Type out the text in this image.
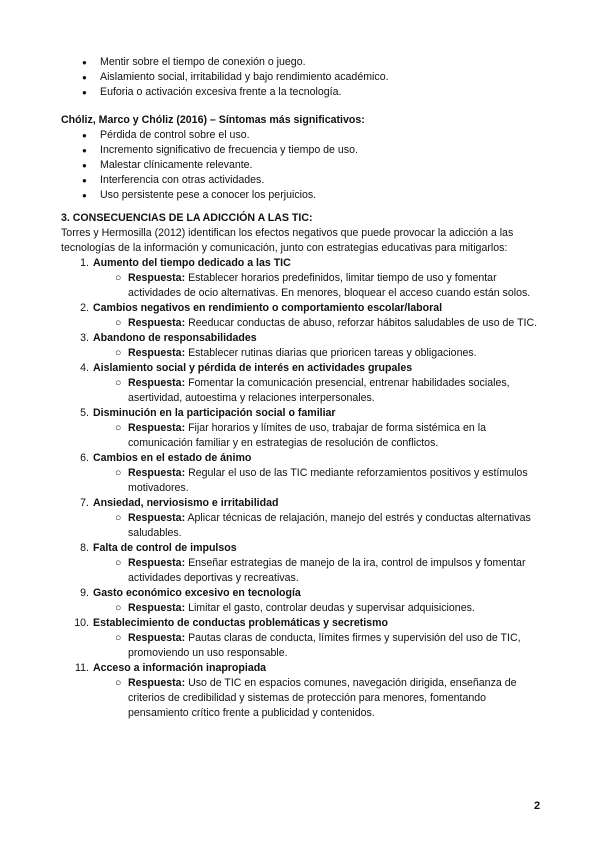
● Mentir sobre el tiempo de conexión o juego.
● Aislamiento social, irritabilidad y bajo rendimiento académico.
● Euforia o activación excesiva frente a la tecnología.
Chóliz, Marco y Chóliz (2016) – Síntomas más significativos:
● Pérdida de control sobre el uso.
● Incremento significativo de frecuencia y tiempo de uso.
● Malestar clínicamente relevante.
● Interferencia con otras actividades.
● Uso persistente pese a conocer los perjuicios.
3. CONSECUENCIAS DE LA ADICCIÓN A LAS TIC:
Torres y Hermosilla (2012) identifican los efectos negativos que puede provocar la adicción a las tecnologías de la información y comunicación, junto con estrategias educativas para mitigarlos:
1. Aumento del tiempo dedicado a las TIC
○ Respuesta: Establecer horarios predefinidos, limitar tiempo de uso y fomentar actividades de ocio alternativas. En menores, bloquear el acceso cuando están solos.
2. Cambios negativos en rendimiento o comportamiento escolar/laboral
○ Respuesta: Reeducar conductas de abuso, reforzar hábitos saludables de uso de TIC.
3. Abandono de responsabilidades
○ Respuesta: Establecer rutinas diarias que prioricen tareas y obligaciones.
4. Aislamiento social y pérdida de interés en actividades grupales
○ Respuesta: Fomentar la comunicación presencial, entrenar habilidades sociales, asertividad, autoestima y relaciones interpersonales.
5. Disminución en la participación social o familiar
○ Respuesta: Fijar horarios y límites de uso, trabajar de forma sistémica en la comunicación familiar y en estrategias de resolución de conflictos.
6. Cambios en el estado de ánimo
○ Respuesta: Regular el uso de las TIC mediante reforzamientos positivos y estímulos motivadores.
7. Ansiedad, nerviosismo e irritabilidad
○ Respuesta: Aplicar técnicas de relajación, manejo del estrés y conductas alternativas saludables.
8. Falta de control de impulsos
○ Respuesta: Enseñar estrategias de manejo de la ira, control de impulsos y fomentar actividades deportivas y recreativas.
9. Gasto económico excesivo en tecnología
○ Respuesta: Limitar el gasto, controlar deudas y supervisar adquisiciones.
10. Establecimiento de conductas problemáticas y secretismo
○ Respuesta: Pautas claras de conducta, límites firmes y supervisión del uso de TIC, promoviendo un uso responsable.
11. Acceso a información inapropiada
○ Respuesta: Uso de TIC en espacios comunes, navegación dirigida, enseñanza de criterios de credibilidad y sistemas de protección para menores, fomentando pensamiento crítico frente a publicidad y contenidos.
2
